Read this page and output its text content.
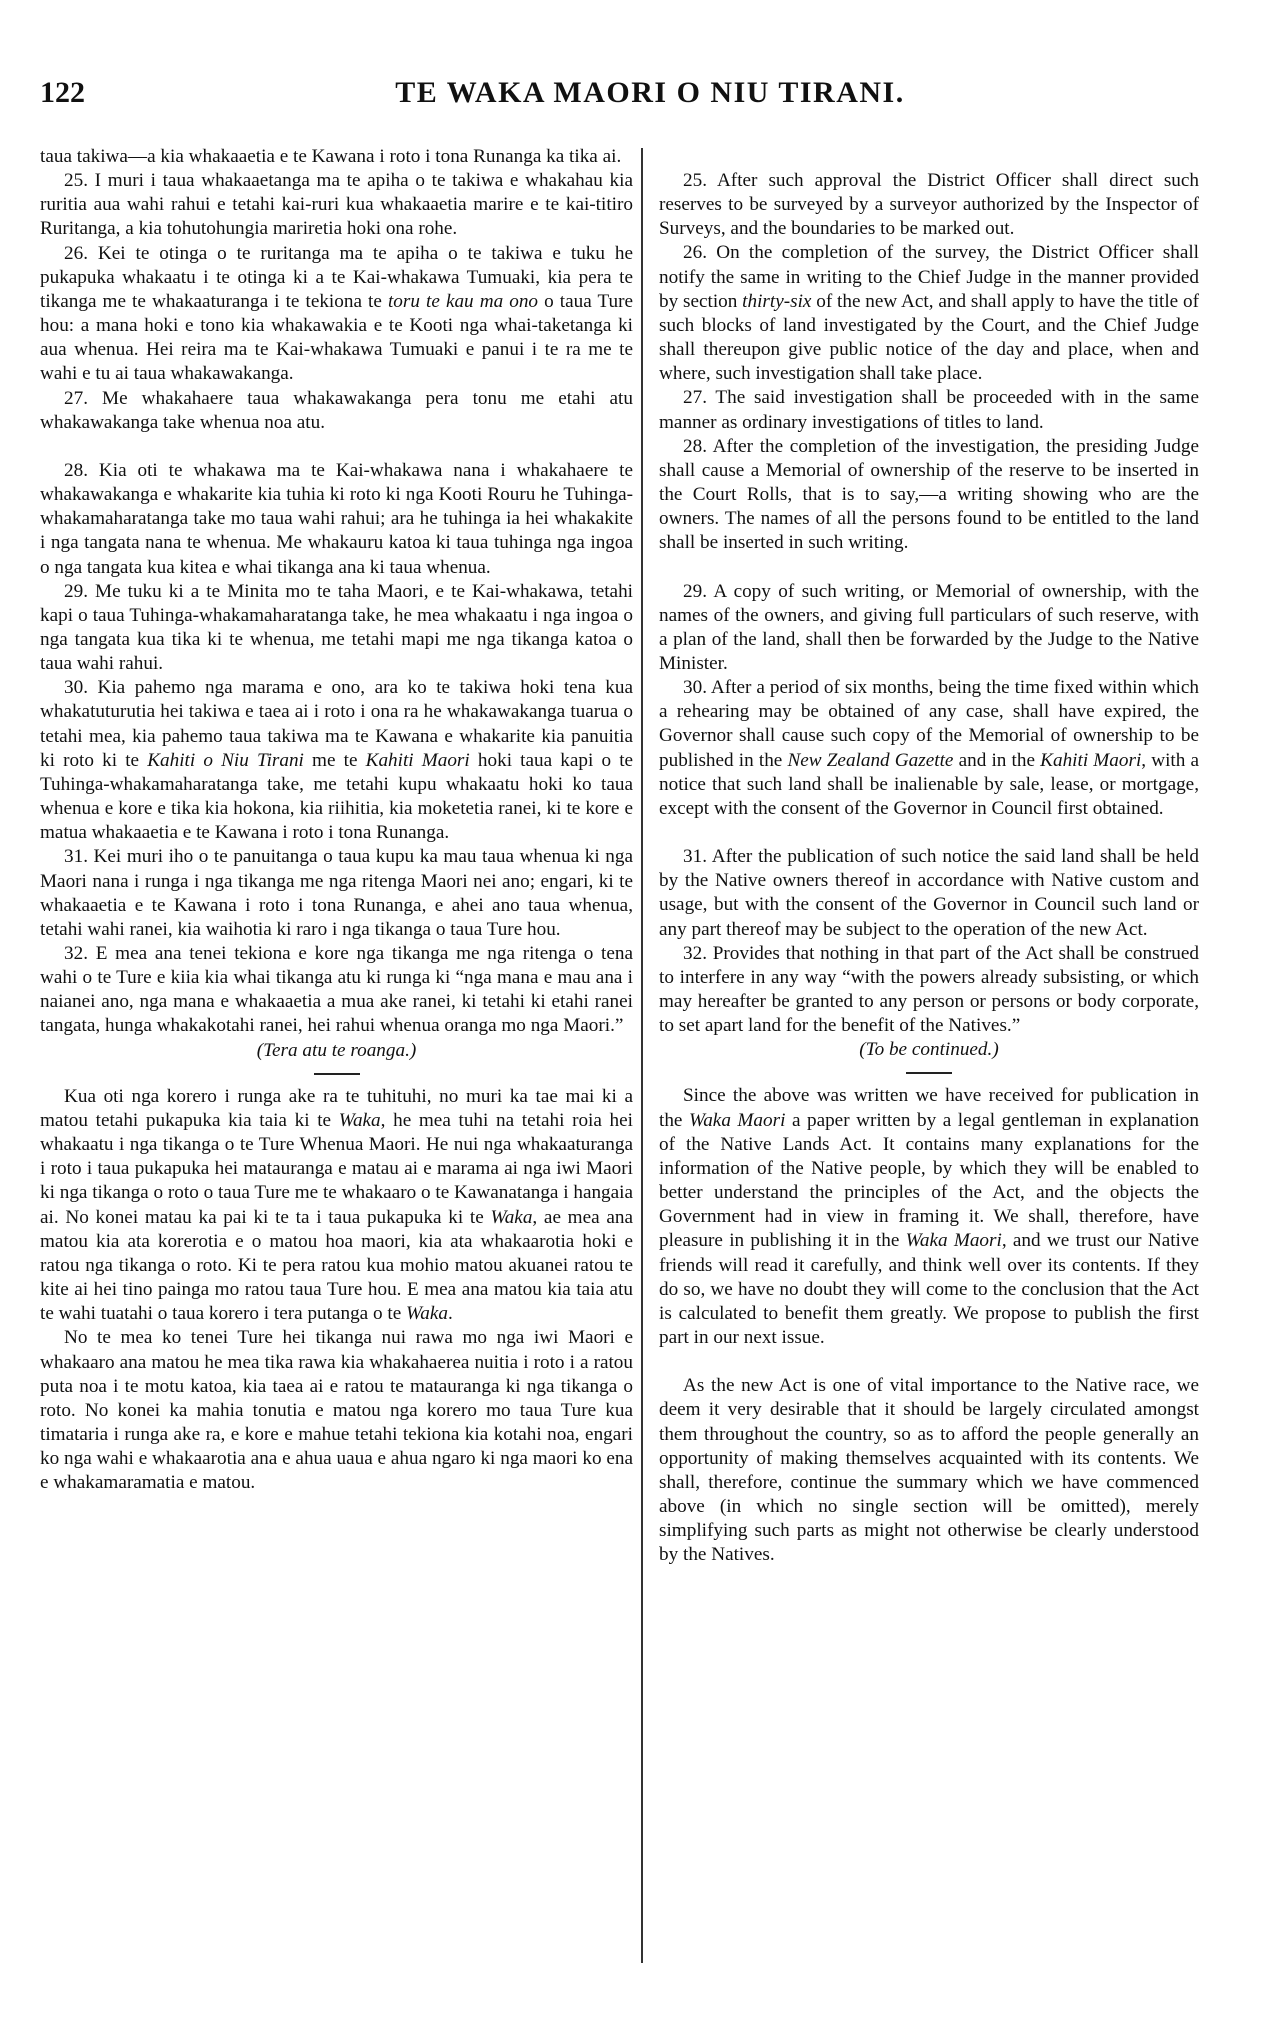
122	TE WAKA MAORI O NIU TIRANI.

taua takiwa—a kia whakaaetia e te Kawana i roto i tona Runanga ka tika ai.

25. I muri i taua whakaaetanga ma te apiha o te takiwa e whakahau kia ruritia aua wahi rahui e tetahi kai-ruri kua whakaaetia marire e te kai-titiro Ruritanga, a kia tohutohungia mariretia hoki ona rohe.

26. Kei te otinga o te ruritanga ma te apiha o te takiwa e tuku he pukapuka whakaatu i te otinga ki a te Kai-whakawa Tumuaki, kia pera te tikanga me te whakaaturanga i te tekiona te toru te kau ma ono o taua Ture hou: a mana hoki e tono kia whakawakia e te Kooti nga whai-taketanga ki aua whenua. Hei reira ma te Kai-whakawa Tumuaki e panui i te ra me te wahi e tu ai taua whakawakanga.

27. Me whakahaere taua whakawakanga pera tonu me etahi atu whakawakanga take whenua noa atu.

28. Kia oti te whakawa ma te Kai-whakawa nana i whakahaere te whakawakanga e whakarite kia tuhia ki roto ki nga Kooti Rouru he Tuhinga-whakamaharatanga take mo taua wahi rahui; ara he tuhinga ia hei whakakite i nga tangata nana te whenua. Me whakauru katoa ki taua tuhinga nga ingoa o nga tangata kua kitea e whai tikanga ana ki taua whenua.

29. Me tuku ki a te Minita mo te taha Maori, e te Kai-whakawa, tetahi kapi o taua Tuhinga-whakamaharatanga take, he mea whakaatu i nga ingoa o nga tangata kua tika ki te whenua, me tetahi mapi me nga tikanga katoa o taua wahi rahui.

30. Kia pahemo nga marama e ono, ara ko te takiwa hoki tena kua whakatuturutia hei takiwa e taea ai i roto i ona ra he whakawakanga tuarua o tetahi mea, kia pahemo taua takiwa ma te Kawana e whakarite kia panuitia ki roto ki te Kahiti o Niu Tirani me te Kahiti Maori hoki taua kapi o te Tuhinga-whakamaharatanga take, me tetahi kupu whakaatu hoki ko taua whenua e kore e tika kia hokona, kia riihitia, kia moketetia ranei, ki te kore e matua whakaaetia e te Kawana i roto i tona Runanga.

31. Kei muri iho o te panuitanga o taua kupu ka mau taua whenua ki nga Maori nana i runga i nga tikanga me nga ritenga Maori nei ano; engari, ki te whakaaetia e te Kawana i roto i tona Runanga, e ahei ano taua whenua, tetahi wahi ranei, kia waihotia ki raro i nga tikanga o taua Ture hou.

32. E mea ana tenei tekiona e kore nga tikanga me nga ritenga o tena wahi o te Ture e kiia kia whai tikanga atu ki runga ki “nga mana e mau ana i naianei ano, nga mana e whakaaetia a mua ake ranei, ki tetahi ki etahi ranei tangata, hunga whakakotahi ranei, hei rahui whenua oranga mo nga Maori.”

(Tera atu te roanga.)

Kua oti nga korero i runga ake ra te tuhituhi, no muri ka tae mai ki a matou tetahi pukapuka kia taia ki te Waka, he mea tuhi na tetahi roia hei whakaatu i nga tikanga o te Ture Whenua Maori. He nui nga whakaaturanga i roto i taua pukapuka hei matauranga e matau ai e marama ai nga iwi Maori ki nga tikanga o roto o taua Ture me te whakaaro o te Kawanatanga i hangaia ai. No konei matau ka pai ki te ta i taua pukapuka ki te Waka, ae mea ana matou kia ata korerotia e o matou hoa maori, kia ata whakaarotia hoki e ratou nga tikanga o roto. Ki te pera ratou kua mohio matou akuanei ratou te kite ai hei tino painga mo ratou taua Ture hou. E mea ana matou kia taia atu te wahi tuatahi o taua korero i tera putanga o te Waka.

No te mea ko tenei Ture hei tikanga nui rawa mo nga iwi Maori e whakaaro ana matou he mea tika rawa kia whakahaerea nuitia i roto i a ratou puta noa i te motu katoa, kia taea ai e ratou te matauranga ki nga tikanga o roto. No konei ka mahia tonutia e matou nga korero mo taua Ture kua timataria i runga ake ra, e kore e mahue tetahi tekiona kia kotahi noa, engari ko nga wahi e whakaarotia ana e ahua uaua e ahua ngaro ki nga maori ko ena e whakamaramatia e matou.

25. After such approval the District Officer shall direct such reserves to be surveyed by a surveyor authorized by the Inspector of Surveys, and the boundaries to be marked out.

26. On the completion of the survey, the District Officer shall notify the same in writing to the Chief Judge in the manner provided by section thirty-six of the new Act, and shall apply to have the title of such blocks of land investigated by the Court, and the Chief Judge shall thereupon give public notice of the day and place, when and where, such investigation shall take place.

27. The said investigation shall be proceeded with in the same manner as ordinary investigations of titles to land.

28. After the completion of the investigation, the presiding Judge shall cause a Memorial of ownership of the reserve to be inserted in the Court Rolls, that is to say,—a writing showing who are the owners. The names of all the persons found to be entitled to the land shall be inserted in such writing.

29. A copy of such writing, or Memorial of ownership, with the names of the owners, and giving full particulars of such reserve, with a plan of the land, shall then be forwarded by the Judge to the Native Minister.

30. After a period of six months, being the time fixed within which a rehearing may be obtained of any case, shall have expired, the Governor shall cause such copy of the Memorial of ownership to be published in the New Zealand Gazette and in the Kahiti Maori, with a notice that such land shall be inalienable by sale, lease, or mortgage, except with the consent of the Governor in Council first obtained.

31. After the publication of such notice the said land shall be held by the Native owners thereof in accordance with Native custom and usage, but with the consent of the Governor in Council such land or any part thereof may be subject to the operation of the new Act.

32. Provides that nothing in that part of the Act shall be construed to interfere in any way “with the powers already subsisting, or which may hereafter be granted to any person or persons or body corporate, to set apart land for the benefit of the Natives.”

(To be continued.)

Since the above was written we have received for publication in the Waka Maori a paper written by a legal gentleman in explanation of the Native Lands Act. It contains many explanations for the information of the Native people, by which they will be enabled to better understand the principles of the Act, and the objects the Government had in view in framing it. We shall, therefore, have pleasure in publishing it in the Waka Maori, and we trust our Native friends will read it carefully, and think well over its contents. If they do so, we have no doubt they will come to the conclusion that the Act is calculated to benefit them greatly. We propose to publish the first part in our next issue.

As the new Act is one of vital importance to the Native race, we deem it very desirable that it should be largely circulated amongst them throughout the country, so as to afford the people generally an opportunity of making themselves acquainted with its contents. We shall, therefore, continue the summary which we have commenced above (in which no single section will be omitted), merely simplifying such parts as might not otherwise be clearly understood by the Natives.
